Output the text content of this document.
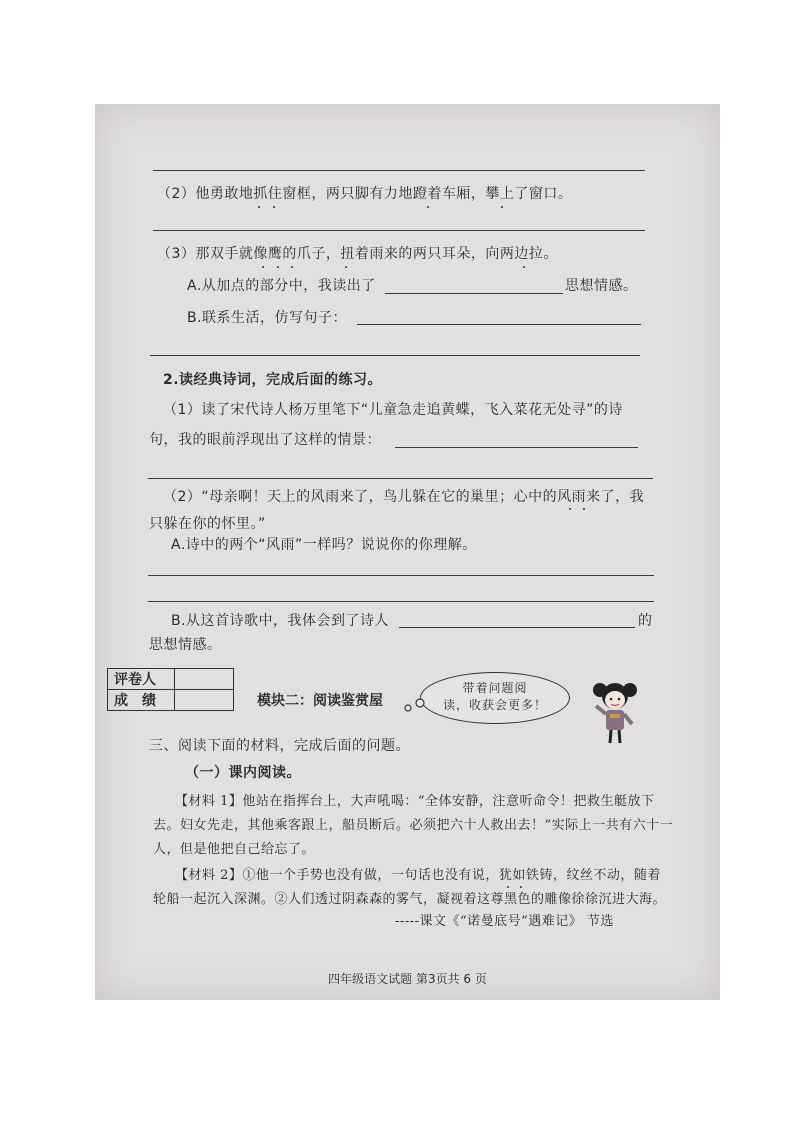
（2）他勇敢地抓住窗框，两只脚有力地蹬着车厢，攀上了窗口。
（3）那双手就像鹰的爪子，扭着雨来的两只耳朵，向两边拉。
A.从加点的部分中，我读出了	思想情感。
B.联系生活，仿写句子：
2.读经典诗词，完成后面的练习。
（1）读了宋代诗人杨万里笔下“儿童急走追黄蝶，飞入菜花无处寻”的诗
句，我的眼前浮现出了这样的情景：
（2）“母亲啊！天上的风雨来了，鸟儿躲在它的巢里；心中的风雨来了，我
只躲在你的怀里。”
A.诗中的两个“风雨”一样吗？说说你的你理解。
B.从这首诗歌中，我体会到了诗人	的
思想情感。
评卷人	
成　绩		模块二：阅读鉴赏屋
带着问题阅
读，收获会更多！
三、阅读下面的材料，完成后面的问题。
（一）课内阅读。
【材料 1】他站在指挥台上，大声吼喝：“全体安静，注意听命令！把救生艇放下
去。妇女先走，其他乘客跟上，船员断后。必须把六十人救出去！”实际上一共有六十一
人，但是他把自己给忘了。
【材料 2】①他一个手势也没有做，一句话也没有说，犹如铁铸，纹丝不动，随着
轮船一起沉入深渊。②人们透过阴森森的雾气，凝视着这尊黑色的雕像徐徐沉进大海。
-----课文《“诺曼底号”遇难记》 节选
四年级语文试题 第3页共 6 页
